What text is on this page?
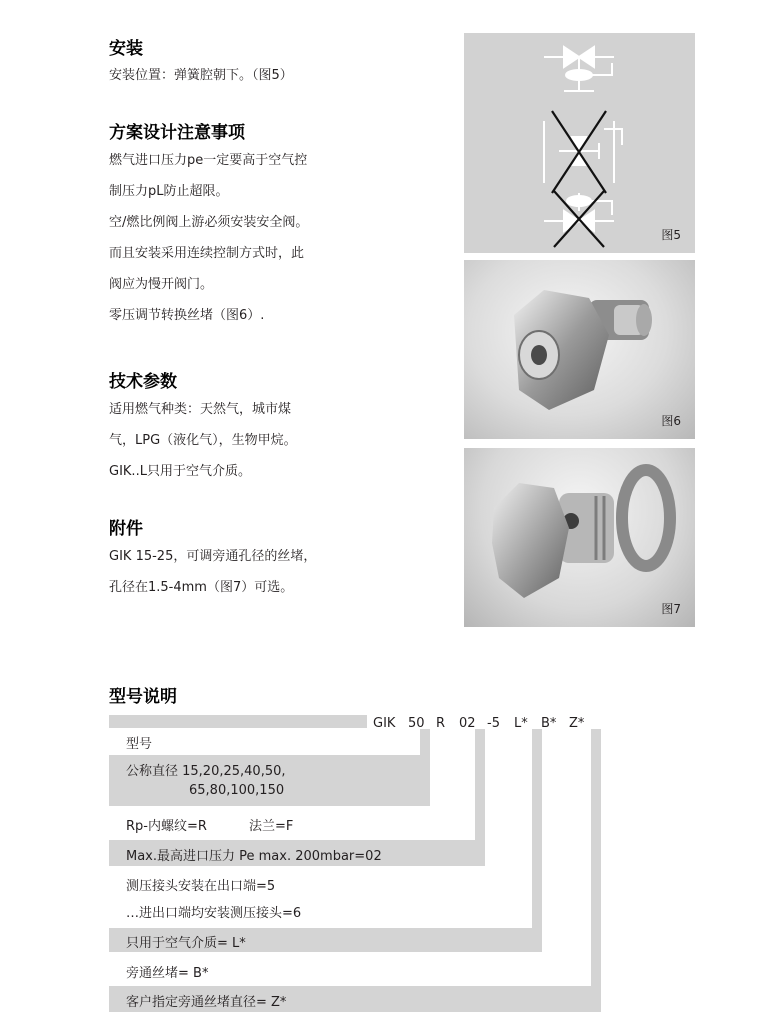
安装

安装位置：弹簧腔朝下。（图5）

方案设计注意事项

燃气进口压力pe一定要高于空气控

制压力pL防止超限。

空/燃比例阀上游必须安装安全阀。

而且安装采用连续控制方式时，此

阀应为慢开阀门。

零压调节转换丝堵（图6）.

技术参数

适用燃气种类：天然气，城市煤

气，LPG（液化气），生物甲烷。

GIK..L只用于空气介质。

附件

GIK 15-25，可调旁通孔径的丝堵，

孔径在1.5-4mm（图7）可选。

图5
图6
图7
型号说明
GIK 50 R 02 -5 L* B* Z*
型号
公称直径 15,20,25,40,50,
65,80,100,150
Rp-内螺纹=R	法兰=F
Max.最高进口压力 Pe max. 200mbar=02
测压接头安装在出口端=5
…进出口端均安装测压接头=6
只用于空气介质= L*
旁通丝堵= B*
客户指定旁通丝堵直径= Z*
